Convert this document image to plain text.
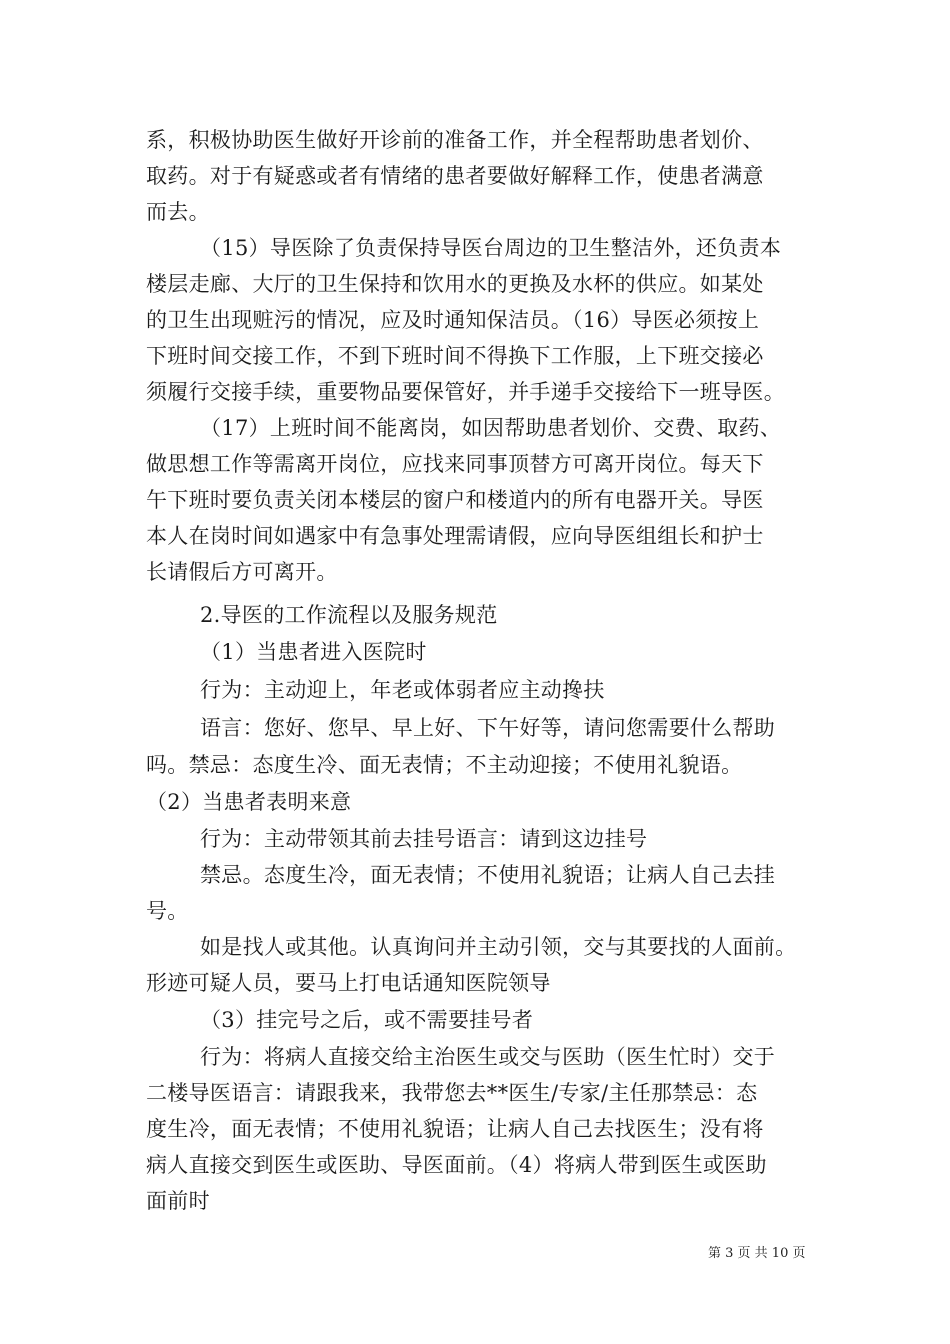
系，积极协助医生做好开诊前的准备工作，并全程帮助患者划价、
取药。对于有疑惑或者有情绪的患者要做好解释工作，使患者满意
而去。
（15）导医除了负责保持导医台周边的卫生整洁外，还负责本
楼层走廊、大厅的卫生保持和饮用水的更换及水杯的供应。如某处
的卫生出现赃污的情况，应及时通知保洁员。（16）导医必须按上
下班时间交接工作，不到下班时间不得换下工作服，上下班交接必
须履行交接手续，重要物品要保管好，并手递手交接给下一班导医。
（17）上班时间不能离岗，如因帮助患者划价、交费、取药、
做思想工作等需离开岗位，应找来同事顶替方可离开岗位。每天下
午下班时要负责关闭本楼层的窗户和楼道内的所有电器开关。导医
本人在岗时间如遇家中有急事处理需请假，应向导医组组长和护士
长请假后方可离开。
2.导医的工作流程以及服务规范
（1）当患者进入医院时
行为：主动迎上，年老或体弱者应主动搀扶
语言：您好、您早、早上好、下午好等，请问您需要什么帮助
吗。禁忌：态度生冷、面无表情；不主动迎接；不使用礼貌语。
（2）当患者表明来意
行为：主动带领其前去挂号语言：请到这边挂号
禁忌。态度生冷，面无表情；不使用礼貌语；让病人自己去挂
号。
如是找人或其他。认真询问并主动引领，交与其要找的人面前。
形迹可疑人员，要马上打电话通知医院领导
（3）挂完号之后，或不需要挂号者
行为：将病人直接交给主治医生或交与医助（医生忙时）交于
二楼导医语言：请跟我来，我带您去**医生/专家/主任那禁忌：态
度生冷，面无表情；不使用礼貌语；让病人自己去找医生；没有将
病人直接交到医生或医助、导医面前。（4）将病人带到医生或医助
面前时
第 3 页 共 10 页
